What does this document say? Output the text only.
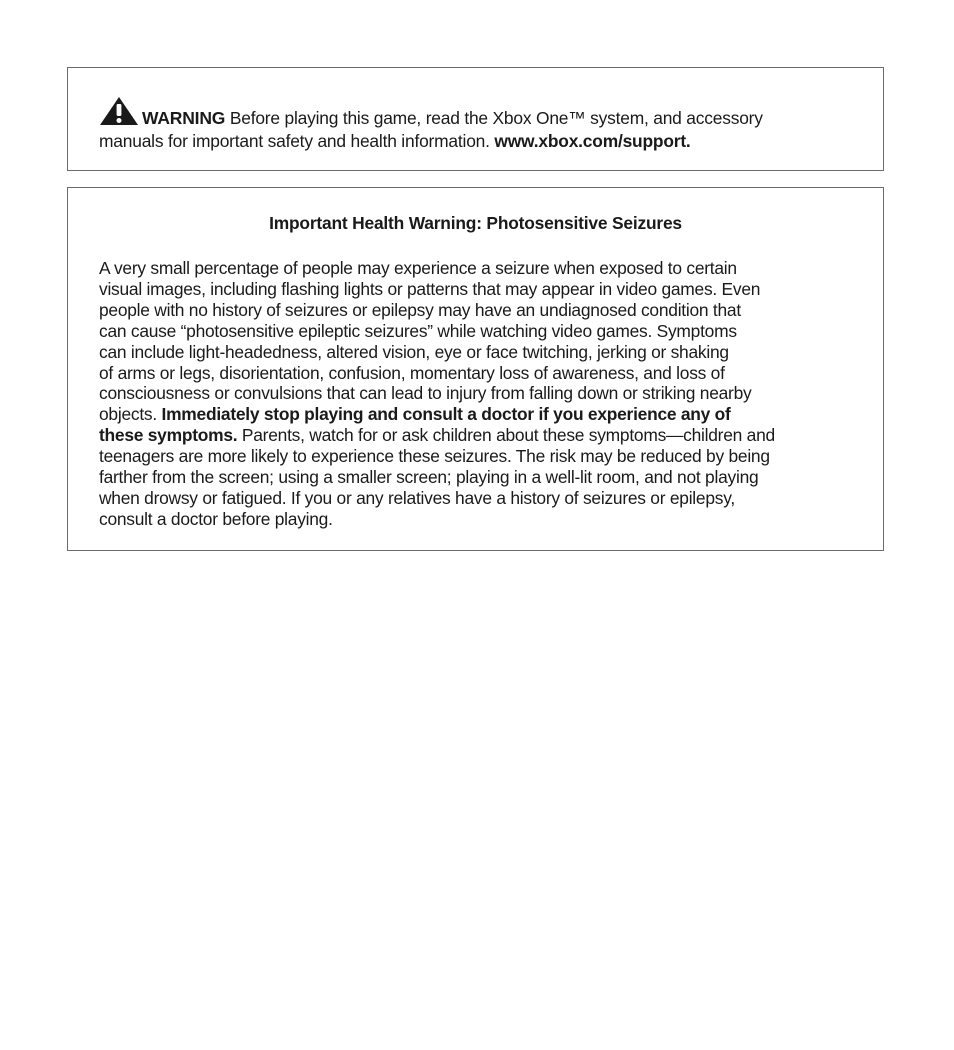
WARNING Before playing this game, read the Xbox One™ system, and accessory
manuals for important safety and health information. www.xbox.com/support.
Important Health Warning: Photosensitive Seizures
A very small percentage of people may experience a seizure when exposed to certain
visual images, including flashing lights or patterns that may appear in video games. Even
people with no history of seizures or epilepsy may have an undiagnosed condition that
can cause “photosensitive epileptic seizures” while watching video games. Symptoms
can include light-headedness, altered vision, eye or face twitching, jerking or shaking
of arms or legs, disorientation, confusion, momentary loss of awareness, and loss of
consciousness or convulsions that can lead to injury from falling down or striking nearby
objects. Immediately stop playing and consult a doctor if you experience any of
these symptoms. Parents, watch for or ask children about these symptoms—children and
teenagers are more likely to experience these seizures. The risk may be reduced by being
farther from the screen; using a smaller screen; playing in a well-lit room, and not playing
when drowsy or fatigued. If you or any relatives have a history of seizures or epilepsy,
consult a doctor before playing.
